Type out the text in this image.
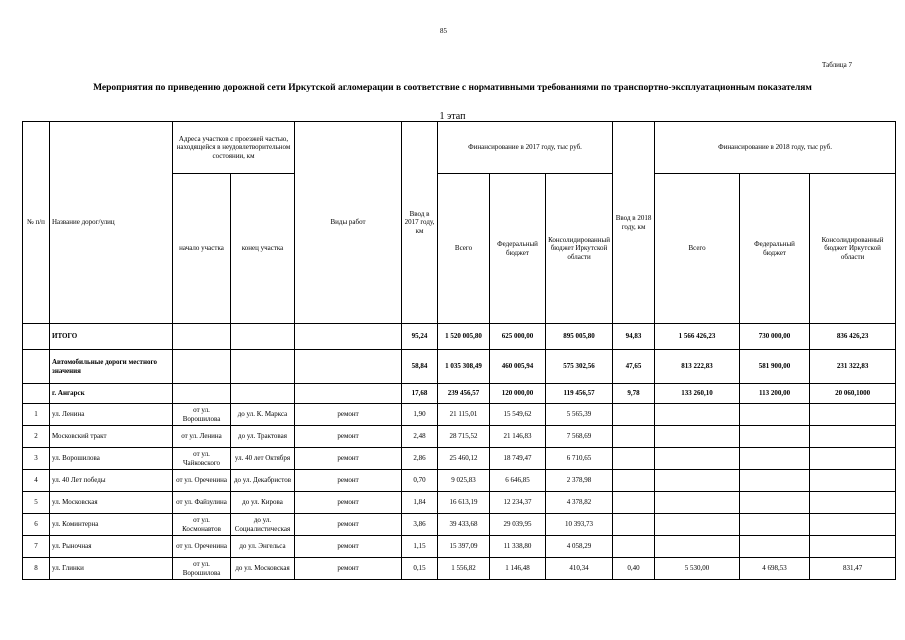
85
Таблица 7
Мероприятия по приведению дорожной сети Иркутской агломерации в соответствие с нормативными требованиями по транспортно-эксплуатационным показателям
1 этап
№ п/п	Название дорог/улиц	Адреса участков с проезжей частью, находящейся в неудовлетворительном состоянии, км		Виды работ	Ввод в 2017 году, км	Финансирование в 2017 году, тыс руб.			Ввод в 2018 году, км	Финансирование в 2018 году, тыс руб.		
		начало участка	конец участка			Всего	Федеральный бюджет	Консолидированный бюджет Иркутской области		Всего	Федеральный бюджет	Консолидированный бюджет Иркутской области
	ИТОГО				95,24	1 520 005,80	625 000,00	895 005,80	94,83	1 566 426,23	730 000,00	836 426,23
	Автомобильные дороги местного значения				58,84	1 035 308,49	460 005,94	575 302,56	47,65	813 222,83	581 900,00	231 322,83
	г. Ангарск				17,68	239 456,57	120 000,00	119 456,57	9,78	133 260,10	113 200,00	20 060,1000
1	ул. Ленина	от ул. Ворошилова	до ул. К. Маркса	ремонт	1,90	21 115,01	15 549,62	5 565,39				
2	Московский тракт	от ул. Ленина	до ул. Трактовая	ремонт	2,48	28 715,52	21 146,83	7 568,69				
3	ул. Ворошилова	от ул. Чайковского	ул. 40 лет Октября	ремонт	2,86	25 460,12	18 749,47	6 710,65				
4	ул. 40 Лет победы	от ул. Ореченина	до ул. Декабристов	ремонт	0,70	9 025,83	6 646,85	2 378,98				
5	ул. Московская	от ул. Файзулина	до ул. Кирова	ремонт	1,84	16 613,19	12 234,37	4 378,82				
6	ул. Коминтерна	от ул. Космонавтов	до ул. Социалистическая	ремонт	3,86	39 433,68	29 039,95	10 393,73				
7	ул. Рыночная	от ул. Ореченина	до ул. Энгельса	ремонт	1,15	15 397,09	11 338,80	4 058,29				
8	ул. Глинки	от ул. Ворошилова	до ул. Московская	ремонт	0,15	1 556,82	1 146,48	410,34	0,40	5 530,00	4 698,53	831,47
